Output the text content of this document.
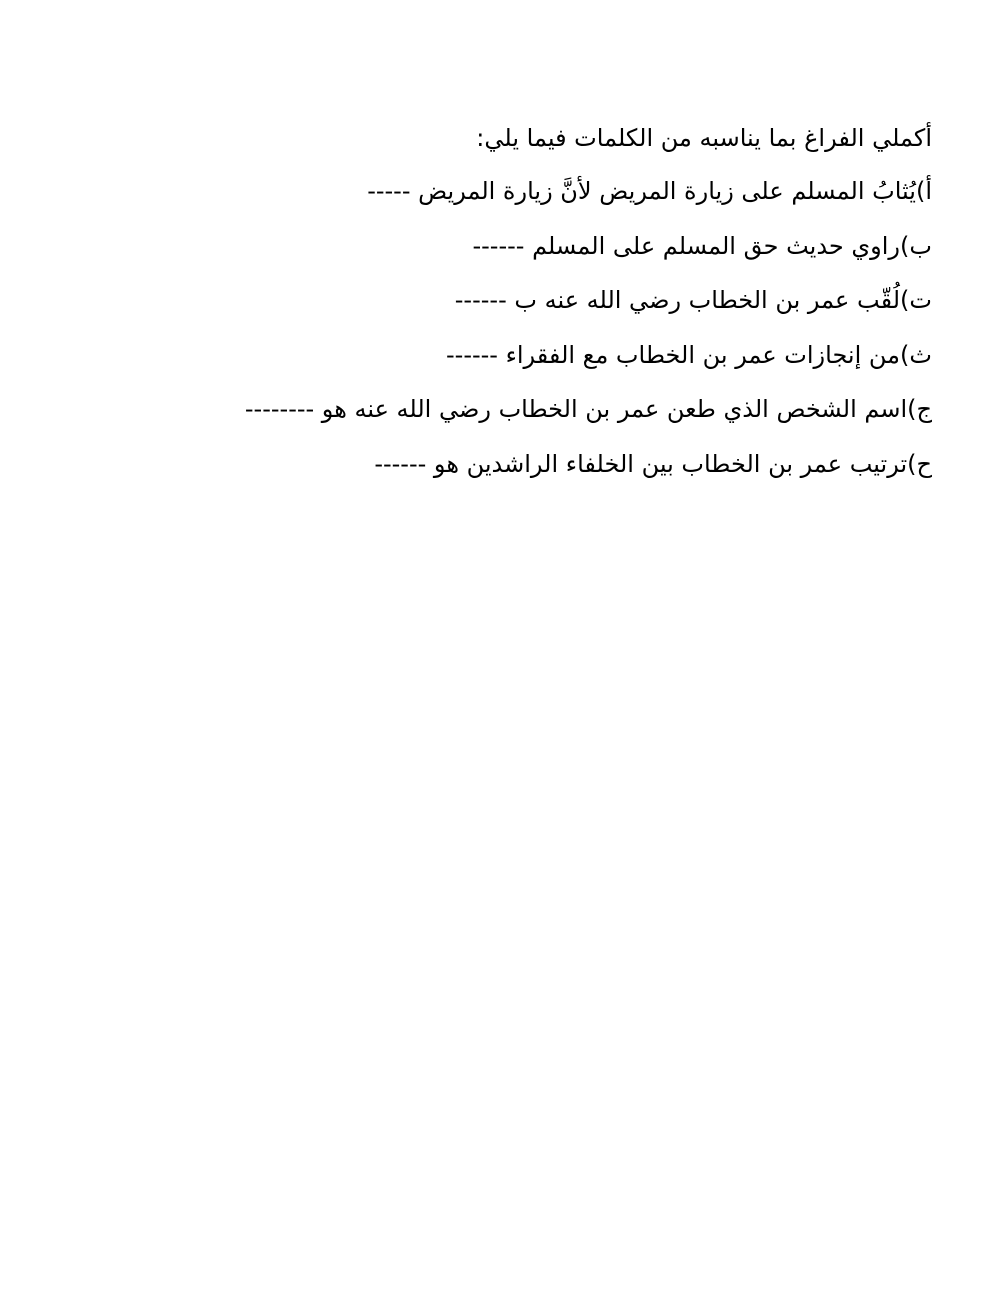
أكملي الفراغ بما يناسبه من الكلمات فيما يلي:
أ)يُثابُ المسلم على زيارة المريض لأنَّ زيارة المريض -----
ب)راوي حديث حق المسلم على المسلم ------
ت)لُقّب عمر بن الخطاب رضي الله عنه ب ------
ث)من إنجازات عمر بن الخطاب مع الفقراء ------
ج)اسم الشخص الذي طعن عمر بن الخطاب رضي الله عنه هو --------
ح)ترتيب عمر بن الخطاب بين الخلفاء الراشدين هو ------
